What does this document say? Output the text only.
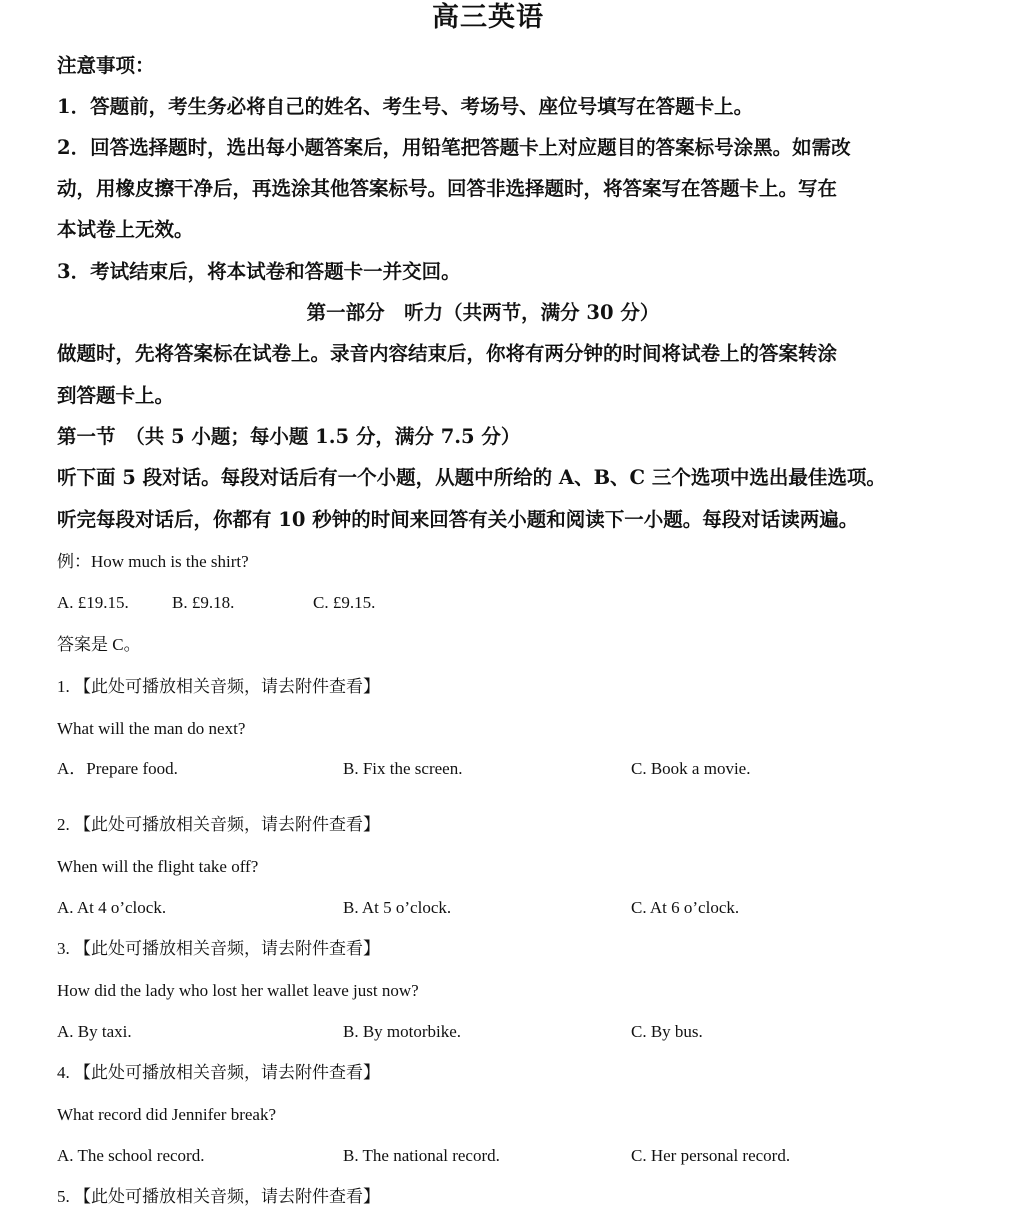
高三英语
注意事项：
1．答题前，考生务必将自己的姓名、考生号、考场号、座位号填写在答题卡上。
2．回答选择题时，选出每小题答案后，用铅笔把答题卡上对应题目的答案标号涂黑。如需改
动，用橡皮擦干净后，再选涂其他答案标号。回答非选择题时，将答案写在答题卡上。写在
本试卷上无效。
3．考试结束后，将本试卷和答题卡一并交回。
第一部分　听力（共两节，满分 30 分）
做题时，先将答案标在试卷上。录音内容结束后，你将有两分钟的时间将试卷上的答案转涂
到答题卡上。
第一节　（共 5 小题；每小题 1.5 分，满分 7.5 分）
听下面 5 段对话。每段对话后有一个小题，从题中所给的 A、B、C 三个选项中选出最佳选项。
听完每段对话后，你都有 10 秒钟的时间来回答有关小题和阅读下一小题。每段对话读两遍。
例：How much is the shirt?
A. £19.15.	B. £9.18.	C. £9.15.
答案是 C。
1. 【此处可播放相关音频，请去附件查看】
What will the man do next?
A．Prepare food.	B. Fix the screen.	C. Book a movie.
2. 【此处可播放相关音频，请去附件查看】
When will the flight take off?
A. At 4 o’clock.	B. At 5 o’clock.	C. At 6 o’clock.
3. 【此处可播放相关音频，请去附件查看】
How did the lady who lost her wallet leave just now?
A. By taxi.	B. By motorbike.	C. By bus.
4. 【此处可播放相关音频，请去附件查看】
What record did Jennifer break?
A. The school record.	B. The national record.	C. Her personal record.
5. 【此处可播放相关音频，请去附件查看】
